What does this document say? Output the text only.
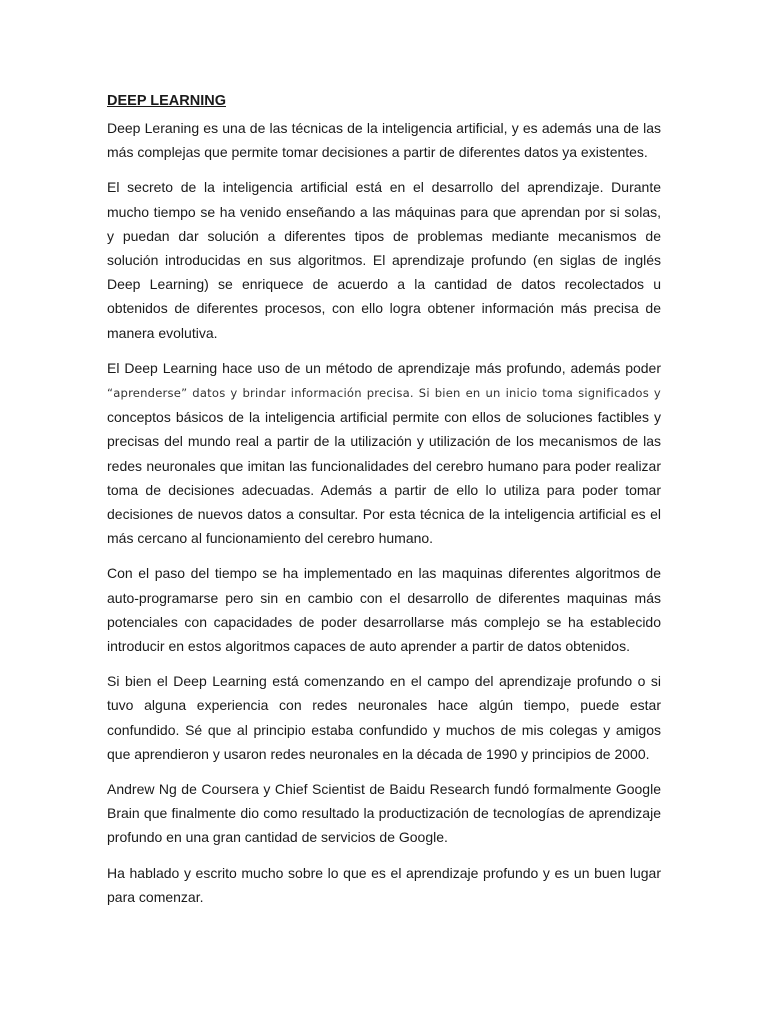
DEEP LEARNING

Deep Leraning es una de las técnicas de la inteligencia artificial, y es además una de las más complejas que permite tomar decisiones a partir de diferentes datos ya existentes.

El secreto de la inteligencia artificial está en el desarrollo del aprendizaje. Durante mucho tiempo se ha venido enseñando a las máquinas para que aprendan por si solas, y puedan dar solución a diferentes tipos de problemas mediante mecanismos de solución introducidas en sus algoritmos. El aprendizaje profundo (en siglas de inglés Deep Learning) se enriquece de acuerdo a la cantidad de datos recolectados u obtenidos de diferentes procesos, con ello logra obtener información más precisa de manera evolutiva.

El Deep Learning hace uso de un método de aprendizaje más profundo, además poder “aprenderse” datos y brindar información precisa. Si bien en un inicio toma significados y conceptos básicos de la inteligencia artificial permite con ellos de soluciones factibles y precisas del mundo real a partir de la utilización y utilización de los mecanismos de las redes neuronales que imitan las funcionalidades del cerebro humano para poder realizar toma de decisiones adecuadas. Además a partir de ello lo utiliza para poder tomar decisiones de nuevos datos a consultar. Por esta técnica de la inteligencia artificial es el más cercano al funcionamiento del cerebro humano.

Con el paso del tiempo se ha implementado en las maquinas diferentes algoritmos de auto-programarse pero sin en cambio con el desarrollo de diferentes maquinas más potenciales con capacidades de poder desarrollarse más complejo se ha establecido introducir en estos algoritmos capaces de auto aprender a partir de datos obtenidos.

Si bien el Deep Learning está comenzando en el campo del aprendizaje profundo o si tuvo alguna experiencia con redes neuronales hace algún tiempo, puede estar confundido. Sé que al principio estaba confundido y muchos de mis colegas y amigos que aprendieron y usaron redes neuronales en la década de 1990 y principios de 2000.

Andrew Ng de Coursera y Chief Scientist de Baidu Research fundó formalmente Google Brain que finalmente dio como resultado la productización de tecnologías de aprendizaje profundo en una gran cantidad de servicios de Google.

Ha hablado y escrito mucho sobre lo que es el aprendizaje profundo y es un buen lugar para comenzar.
